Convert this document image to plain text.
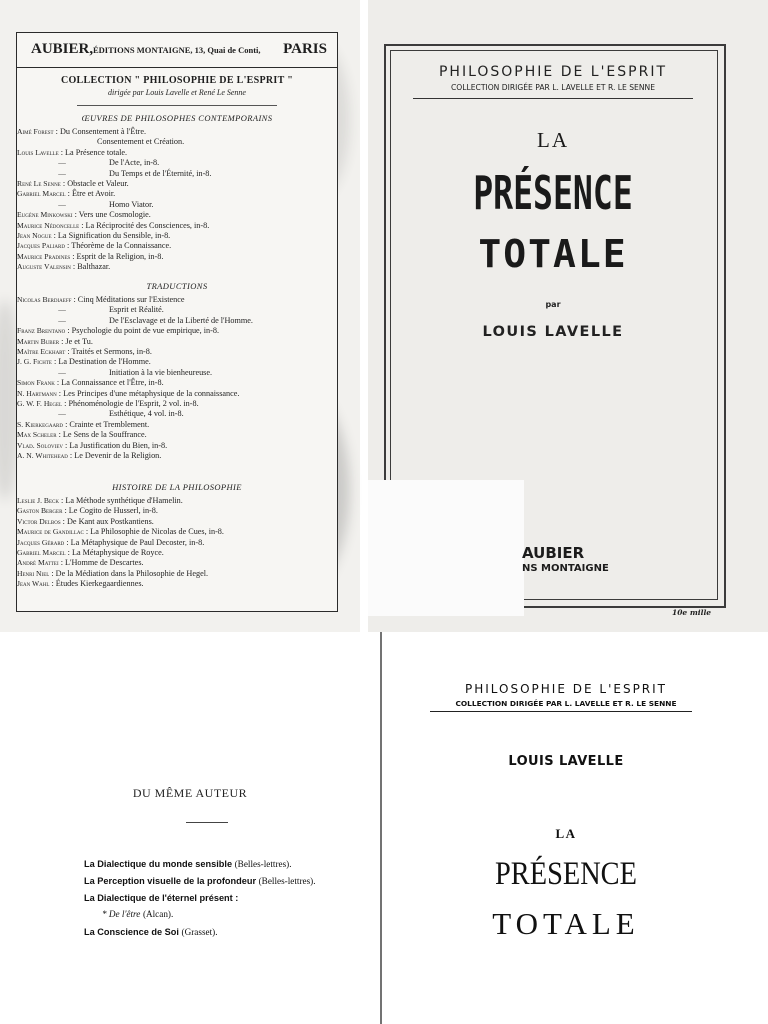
AUBIER, ÉDITIONS MONTAIGNE, 13, Quai de Conti, PARIS
COLLECTION " PHILOSOPHIE DE L'ESPRIT "
dirigée par Louis Lavelle et René Le Senne
ŒUVRES DE PHILOSOPHES CONTEMPORAINS
Aimé Forest : Du Consentement à l'Être.
Consentement et Création.
Louis Lavelle : La Présence totale.
—	De l'Acte, in-8.
—	Du Temps et de l'Éternité, in-8.
René Le Senne : Obstacle et Valeur.
Gabriel Marcel : Être et Avoir.
—	Homo Viator.
Eugène Minkowski : Vers une Cosmologie.
Maurice Nédoncelle : La Réciprocité des Consciences, in-8.
Jean Nogue : La Signification du Sensible, in-8.
Jacques Paliard : Théorème de la Connaissance.
Maurice Pradines : Esprit de la Religion, in-8.
Auguste Valensin : Balthazar.
TRADUCTIONS
Nicolas Berdiaeff : Cinq Méditations sur l'Existence
—	Esprit et Réalité.
—	De l'Esclavage et de la Liberté de l'Homme.
Franz Brentano : Psychologie du point de vue empirique, in-8.
Martin Buber : Je et Tu.
Maître Eckhart : Traités et Sermons, in-8.
J. G. Fichte : La Destination de l'Homme.
—	Initiation à la vie bienheureuse.
Simon Frank : La Connaissance et l'Être, in-8.
N. Hartmann : Les Principes d'une métaphysique de la connaissance.
G. W. F. Hegel : Phénoménologie de l'Esprit, 2 vol. in-8.
—	Esthétique, 4 vol. in-8.
S. Kierkegaard : Crainte et Tremblement.
Max Scheler : Le Sens de la Souffrance.
Vlad. Soloviev : La Justification du Bien, in-8.
A. N. Whitehead : Le Devenir de la Religion.
HISTOIRE DE LA PHILOSOPHIE
Leslie J. Beck : La Méthode synthétique d'Hamelin.
Gaston Berger : Le Cogito de Husserl, in-8.
Victor Delbos : De Kant aux Postkantiens.
Maurice de Gandillac : La Philosophie de Nicolas de Cues, in-8.
Jacques Gérard : La Métaphysique de Paul Decoster, in-8.
Gabriel Marcel : La Métaphysique de Royce.
André Mattei : L'Homme de Descartes.
Henri Niel : De la Médiation dans la Philosophie de Hegel.
Jean Wahl : Études Kierkegaardiennes.
PHILOSOPHIE DE L'ESPRIT
COLLECTION DIRIGÉE PAR L. LAVELLE ET R. LE SENNE
LA
PRÉSENCE
TOTALE
par
LOUIS LAVELLE
AUBIER
NS MONTAIGNE
10e mille
DU MÊME AUTEUR
La Dialectique du monde sensible (Belles-lettres).
La Perception visuelle de la profondeur (Belles-lettres).
La Dialectique de l'éternel présent :
* De l'être (Alcan).
La Conscience de Soi (Grasset).
PHILOSOPHIE DE L'ESPRIT
COLLECTION DIRIGÉE PAR L. LAVELLE ET R. LE SENNE
LOUIS LAVELLE
LA
PRÉSENCE
TOTALE
